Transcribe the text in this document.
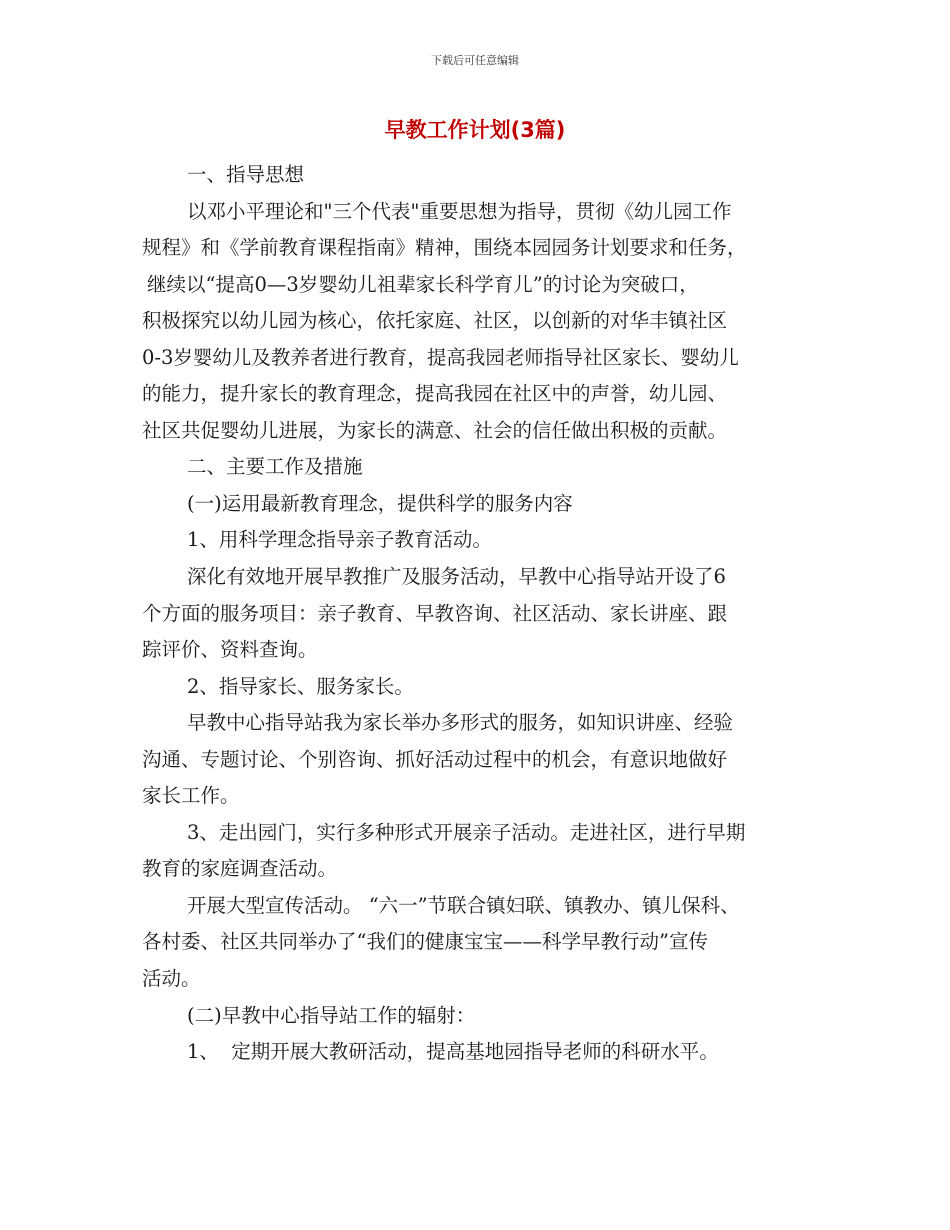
下载后可任意编辑
早教工作计划(3篇)
一、指导思想
以邓小平理论和"三个代表"重要思想为指导，贯彻《幼儿园工作
规程》和《学前教育课程指南》精神，围绕本园园务计划要求和任务，
继续以“提高0—3岁婴幼儿祖辈家长科学育儿”的讨论为突破口，
积极探究以幼儿园为核心，依托家庭、社区，以创新的对华丰镇社区
0-3岁婴幼儿及教养者进行教育，提高我园老师指导社区家长、婴幼儿
的能力，提升家长的教育理念，提高我园在社区中的声誉，幼儿园、
社区共促婴幼儿进展，为家长的满意、社会的信任做出积极的贡献。
二、主要工作及措施
(一)运用最新教育理念，提供科学的服务内容
1、用科学理念指导亲子教育活动。
深化有效地开展早教推广及服务活动，早教中心指导站开设了6
个方面的服务项目：亲子教育、早教咨询、社区活动、家长讲座、跟
踪评价、资料查询。
2、指导家长、服务家长。
早教中心指导站我为家长举办多形式的服务，如知识讲座、经验
沟通、专题讨论、个别咨询、抓好活动过程中的机会，有意识地做好
家长工作。
3、走出园门，实行多种形式开展亲子活动。走进社区，进行早期
教育的家庭调查活动。
开展大型宣传活动。 “六一”节联合镇妇联、镇教办、镇儿保科、
各村委、社区共同举办了“我们的健康宝宝——科学早教行动”宣传
活动。
(二)早教中心指导站工作的辐射：
1、  定期开展大教研活动，提高基地园指导老师的科研水平。
